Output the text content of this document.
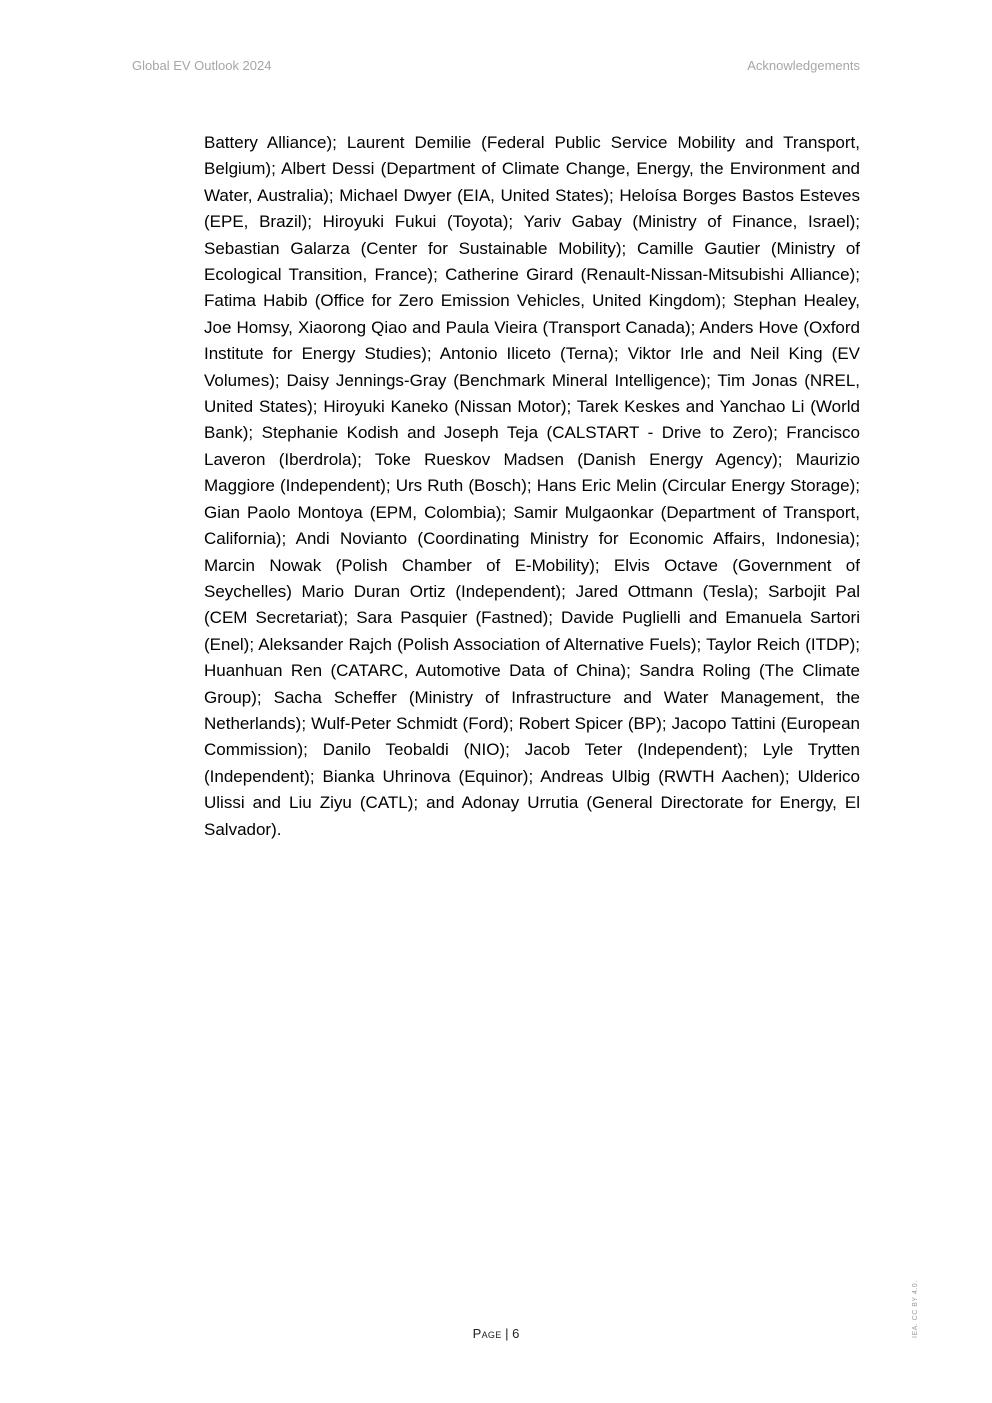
Global EV Outlook 2024	Acknowledgements

Battery Alliance); Laurent Demilie (Federal Public Service Mobility and Transport, Belgium); Albert Dessi (Department of Climate Change, Energy, the Environment and Water, Australia); Michael Dwyer (EIA, United States); Heloísa Borges Bastos Esteves (EPE, Brazil); Hiroyuki Fukui (Toyota); Yariv Gabay (Ministry of Finance, Israel); Sebastian Galarza (Center for Sustainable Mobility); Camille Gautier (Ministry of Ecological Transition, France); Catherine Girard (Renault-Nissan-Mitsubishi Alliance); Fatima Habib (Office for Zero Emission Vehicles, United Kingdom); Stephan Healey, Joe Homsy, Xiaorong Qiao and Paula Vieira (Transport Canada); Anders Hove (Oxford Institute for Energy Studies); Antonio Iliceto (Terna); Viktor Irle and Neil King (EV Volumes); Daisy Jennings-Gray (Benchmark Mineral Intelligence); Tim Jonas (NREL, United States); Hiroyuki Kaneko (Nissan Motor); Tarek Keskes and Yanchao Li (World Bank); Stephanie Kodish and Joseph Teja (CALSTART - Drive to Zero); Francisco Laveron (Iberdrola); Toke Rueskov Madsen (Danish Energy Agency); Maurizio Maggiore (Independent); Urs Ruth (Bosch); Hans Eric Melin (Circular Energy Storage); Gian Paolo Montoya (EPM, Colombia); Samir Mulgaonkar (Department of Transport, California); Andi Novianto (Coordinating Ministry for Economic Affairs, Indonesia); Marcin Nowak (Polish Chamber of E-Mobility); Elvis Octave (Government of Seychelles) Mario Duran Ortiz (Independent); Jared Ottmann (Tesla); Sarbojit Pal (CEM Secretariat); Sara Pasquier (Fastned); Davide Puglielli and Emanuela Sartori (Enel); Aleksander Rajch (Polish Association of Alternative Fuels); Taylor Reich (ITDP); Huanhuan Ren (CATARC, Automotive Data of China); Sandra Roling (The Climate Group); Sacha Scheffer (Ministry of Infrastructure and Water Management, the Netherlands); Wulf-Peter Schmidt (Ford); Robert Spicer (BP); Jacopo Tattini (European Commission); Danilo Teobaldi (NIO); Jacob Teter (Independent); Lyle Trytten (Independent); Bianka Uhrinova (Equinor); Andreas Ulbig (RWTH Aachen); Ulderico Ulissi and Liu Ziyu (CATL); and Adonay Urrutia (General Directorate for Energy, El Salvador).

Page | 6	IEA. CC BY 4.0.
